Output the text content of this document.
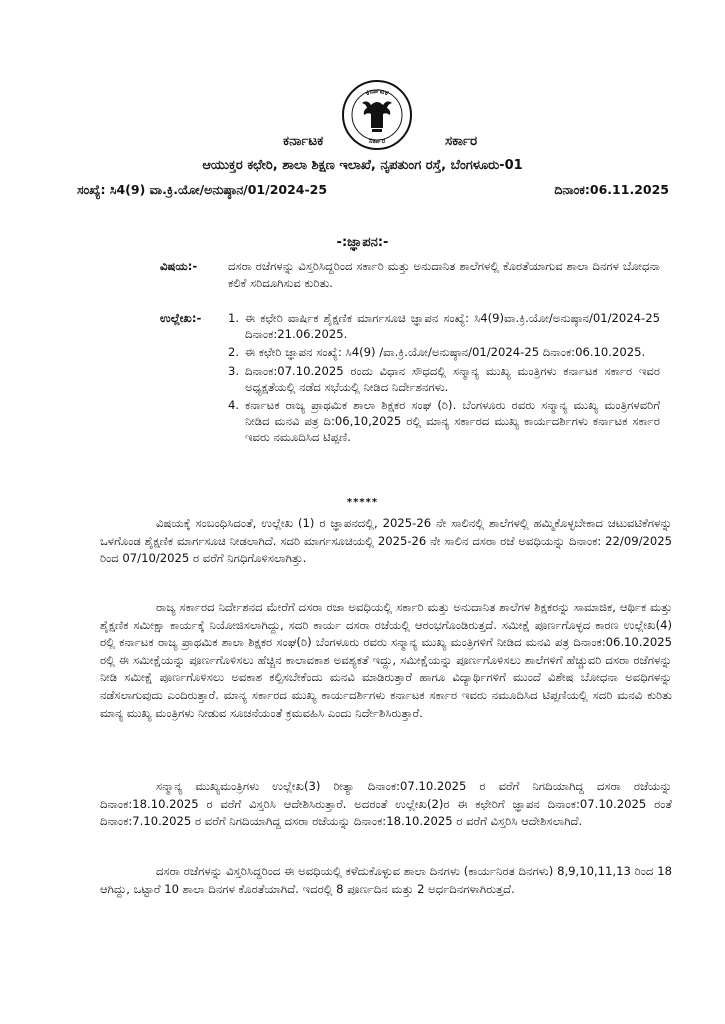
ಕರ್ನಾಟಕ
ಸರ್ಕಾರ
ಕರ್ನಾಟಕ	ಸರ್ಕಾರ
ಆಯುಕ್ತರ ಕಛೇರಿ, ಶಾಲಾ ಶಿಕ್ಷಣ ಇಲಾಖೆ, ನೃಪತುಂಗ ರಸ್ತೆ, ಬೆಂಗಳೂರು-01
ಸಂಖ್ಯೆ: ಸಿ4(9) ವಾ.ಕ್ರಿ.ಯೋ/ಅನುಷ್ಠಾನ/01/2024-25	ದಿನಾಂಕ:06.11.2025
-:ಜ್ಞಾಪನ:-
ವಿಷಯ:-	ದಸರಾ ರಜೆಗಳನ್ನು ವಿಸ್ತರಿಸಿದ್ದರಿಂದ ಸರ್ಕಾರಿ ಮತ್ತು ಅನುದಾನಿತ ಶಾಲೆಗಳಲ್ಲಿ ಕೊರತೆಯಾಗುವ ಶಾಲಾ ದಿನಗಳ ಬೋಧನಾ ಕಲಿಕೆ ಸರಿದೂಗಿಸುವ ಕುರಿತು.
ಉಲ್ಲೇಖ:- 1. ಈ ಕಛೇರಿ ವಾರ್ಷಿಕ ಶೈಕ್ಷಣಿಕ ಮಾರ್ಗಸೂಚಿ ಜ್ಞಾಪನ ಸಂಖ್ಯೆ: ಸಿ4(9)ವಾ.ಕ್ರಿ.ಯೋ/ಅನುಷ್ಠಾನ/01/2024-25 ದಿನಾಂಕ:21.06.2025.
2. ಈ ಕಛೇರಿ ಜ್ಞಾಪನ ಸಂಖ್ಯೆ: ಸಿ4(9) /ವಾ.ಕ್ರಿ.ಯೋ/ಅನುಷ್ಠಾನ/01/2024-25 ದಿನಾಂಕ:06.10.2025.
3. ದಿನಾಂಕ:07.10.2025 ರಂದು ವಿಧಾನ ಸೌಧದಲ್ಲಿ ಸನ್ಮಾನ್ಯ ಮುಖ್ಯ ಮಂತ್ರಿಗಳು ಕರ್ನಾಟಕ ಸರ್ಕಾರ ಇವರ ಅಧ್ಯಕ್ಷತೆಯಲ್ಲಿ ನಡೆದ ಸಭೆಯಲ್ಲಿ ನೀಡಿದ ನಿರ್ದೇಶನಗಳು.
4. ಕರ್ನಾಟಕ ರಾಜ್ಯ ಪ್ರಾಥಮಿಕ ಶಾಲಾ ಶಿಕ್ಷಕರ ಸಂಘ (ರಿ). ಬೆಂಗಳೂರು ರವರು ಸನ್ಮಾನ್ಯ ಮುಖ್ಯ ಮಂತ್ರಿಗಳವರಿಗೆ ನೀಡಿದ ಮನವಿ ಪತ್ರ ದಿ:06,10,2025 ರಲ್ಲಿ ಮಾನ್ಯ ಸರ್ಕಾರದ ಮುಖ್ಯ ಕಾರ್ಯದರ್ಶಿಗಳು ಕರ್ನಾಟಕ ಸರ್ಕಾರ ಇವರು ನಮೂದಿಸಿದ ಟಿಪ್ಪಣಿ.
*****

ವಿಷಯಕ್ಕೆ ಸಂಬಂಧಿಸಿದಂತೆ, ಉಲ್ಲೇಖ (1) ರ ಜ್ಞಾಪನದಲ್ಲಿ, 2025-26 ನೇ ಸಾಲಿನಲ್ಲಿ ಶಾಲೆಗಳಲ್ಲಿ ಹಮ್ಮಿಕೊಳ್ಳಬೇಕಾದ ಚಟುವಟಿಕೆಗಳನ್ನು ಒಳಗೊಂಡ ಶೈಕ್ಷಣಿಕ ಮಾರ್ಗಸೂಚಿ ನೀಡಲಾಗಿದೆ. ಸದರಿ ಮಾರ್ಗಸೂಚಿಯಲ್ಲಿ 2025-26 ನೇ ಸಾಲಿನ ದಸರಾ ರಜೆ ಅವಧಿಯನ್ನು ದಿನಾಂಕ: 22/09/2025 ರಿಂದ 07/10/2025 ರ ವರೆಗೆ ನಿಗಧಿಗೊಳಿಸಲಾಗಿತ್ತು.

ರಾಜ್ಯ ಸರ್ಕಾರದ ನಿರ್ದೇಶನದ ಮೇರೆಗೆ ದಸರಾ ರಜಾ ಅವಧಿಯಲ್ಲಿ ಸರ್ಕಾರಿ ಮತ್ತು ಅನುದಾನಿತ ಶಾಲೆಗಳ ಶಿಕ್ಷಕರನ್ನು ಸಾಮಾಜಿಕ, ಆರ್ಥಿಕ ಮತ್ತು ಶೈಕ್ಷಣಿಕ ಸಮೀಕ್ಷಾ ಕಾರ್ಯಕ್ಕೆ ನಿಯೋಜಿಸಲಾಗಿದ್ದು, ಸದರಿ ಕಾರ್ಯ ದಸರಾ ರಜೆಯಲ್ಲಿ ಆರಂಭಗೊಂಡಿರುತ್ತದೆ. ಸಮೀಕ್ಷೆ ಪೂರ್ಣಗೊಳ್ಳದ ಕಾರಣ ಉಲ್ಲೇಖ(4) ರಲ್ಲಿ ಕರ್ನಾಟಕ ರಾಜ್ಯ ಪ್ರಾಥಮಿಕ ಶಾಲಾ ಶಿಕ್ಷಕರ ಸಂಘ(ರಿ) ಬೆಂಗಳೂರು ರವರು ಸನ್ಮಾನ್ಯ ಮುಖ್ಯ ಮಂತ್ರಿಗಳಿಗೆ ನೀಡಿದ ಮನವಿ ಪತ್ರ ದಿನಾಂಕ:06.10.2025 ರಲ್ಲಿ ಈ ಸಮೀಕ್ಷೆಯನ್ನು ಪೂರ್ಣಗೊಳಿಸಲು ಹೆಚ್ಚಿನ ಕಾಲಾವಕಾಶ ಅವಶ್ಯಕತೆ ಇದ್ದು, ಸಮೀಕ್ಷೆಯನ್ನು ಪೂರ್ಣಗೊಳಿಸಲು ಶಾಲೆಗಳಿಗೆ ಹೆಚ್ಚುವರಿ ದಸರಾ ರಜೆಗಳನ್ನು ನೀಡಿ ಸಮೀಕ್ಷೆ ಪೂರ್ಣಗೊಳಿಸಲು ಅವಕಾಶ ಕಲ್ಪಿಸಬೇಕೆಂದು ಮನವಿ ಮಾಡಿರುತ್ತಾರೆ ಹಾಗೂ ವಿದ್ಯಾರ್ಥಿಗಳಿಗೆ ಮುಂದೆ ವಿಶೇಷ ಬೋಧನಾ ಅವಧಿಗಳನ್ನು ನಡೆಸಲಾಗುವುದು ಎಂದಿರುತ್ತಾರೆ. ಮಾನ್ಯ ಸರ್ಕಾರದ ಮುಖ್ಯ ಕಾರ್ಯದರ್ಶಿಗಳು ಕರ್ನಾಟಕ ಸರ್ಕಾರ ಇವರು ನಮೂದಿಸಿದ ಟಿಪ್ಪಣಿಯಲ್ಲಿ ಸದರಿ ಮನವಿ ಕುರಿತು ಮಾನ್ಯ ಮುಖ್ಯ ಮಂತ್ರಿಗಳು ನೀಡುವ ಸೂಚನೆಯಂತೆ ಕ್ರಮವಹಿಸಿ ಎಂದು ನಿರ್ದೇಶಿಸಿರುತ್ತಾರೆ.

ಸನ್ಮಾನ್ಯ ಮುಖ್ಯಮಂತ್ರಿಗಳು ಉಲ್ಲೇಖ(3) ರೀತ್ಯಾ ದಿನಾಂಕ:07.10.2025 ರ ವರೆಗೆ ನಿಗದಿಯಾಗಿದ್ದ ದಸರಾ ರಜೆಯನ್ನು ದಿನಾಂಕ:18.10.2025 ರ ವರೆಗೆ ವಿಸ್ತರಿಸಿ ಆದೇಶಿಸಿರುತ್ತಾರೆ. ಅದರಂತೆ ಉಲ್ಲೇಖ(2)ರ ಈ ಕಛೇರಿಗೆ ಜ್ಞಾಪನ ದಿನಾಂಕ:07.10.2025 ರಂತೆ ದಿನಾಂಕ:7.10.2025 ರ ವರೆಗೆ ನಿಗದಿಯಾಗಿದ್ದ ದಸರಾ ರಜೆಯನ್ನು ದಿನಾಂಕ:18.10.2025 ರ ವರೆಗೆ ವಿಸ್ತರಿಸಿ ಆದೇಶಿಸಲಾಗಿದೆ.

ದಸರಾ ರಜೆಗಳನ್ನು ವಿಸ್ತರಿಸಿದ್ದರಿಂದ ಈ ಅವಧಿಯಲ್ಲಿ ಕಳೆದುಕೊಳ್ಳುವ ಶಾಲಾ ದಿನಗಳು (ಕಾರ್ಯನಿರತ ದಿನಗಳು) 8,9,10,11,13 ರಿಂದ 18 ಆಗಿದ್ದು, ಒಟ್ಟಾರೆ 10 ಶಾಲಾ ದಿನಗಳ ಕೊರತೆಯಾಗಿದೆ. ಇದರಲ್ಲಿ 8 ಪೂರ್ಣದಿನ ಮತ್ತು 2 ಅರ್ಧದಿನಗಳಾಗಿರುತ್ತದೆ.
